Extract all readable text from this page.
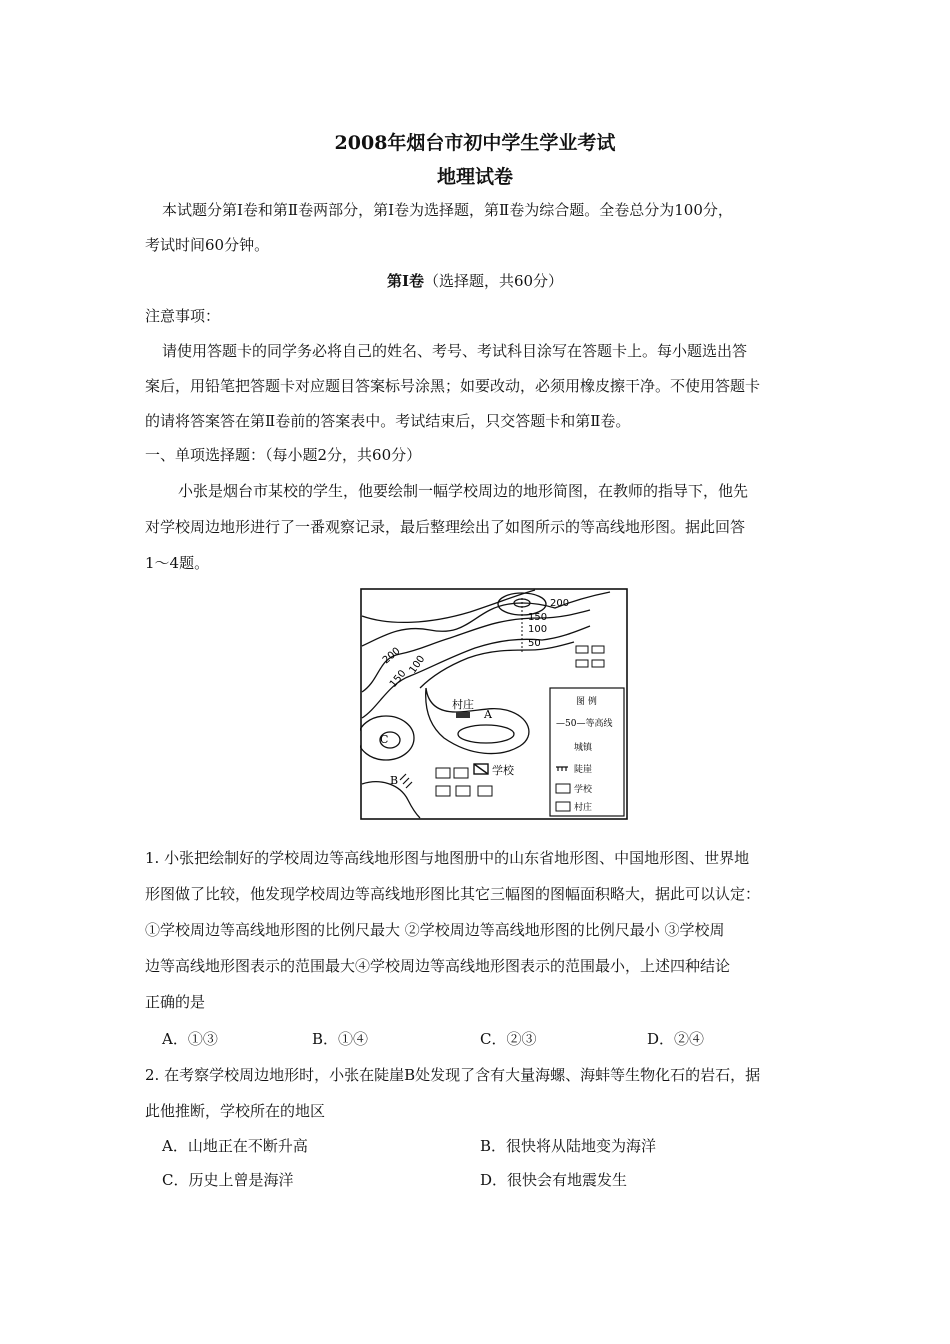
2008年烟台市初中学生学业考试
地理试卷
本试题分第Ⅰ卷和第Ⅱ卷两部分，第Ⅰ卷为选择题，第Ⅱ卷为综合题。全卷总分为100分，
考试时间60分钟。
第Ⅰ卷（选择题，共60分）
注意事项：
请使用答题卡的同学务必将自己的姓名、考号、考试科目涂写在答题卡上。每小题选出答
案后，用铅笔把答题卡对应题目答案标号涂黑；如要改动，必须用橡皮擦干净。不使用答题卡
的请将答案答在第Ⅱ卷前的答案表中。考试结束后，只交答题卡和第Ⅱ卷。
一、单项选择题：（每小题2分，共60分）
小张是烟台市某校的学生，他要绘制一幅学校周边的地形简图，在教师的指导下，他先
对学校周边地形进行了一番观察记录，最后整理绘出了如图所示的等高线地形图。据此回答
1～4题。
200
150
100
50
200
150
100
村庄
A
B
C
学校
图 例
—50—等高线
陡崖
学校
村庄
城镇
1. 小张把绘制好的学校周边等高线地形图与地图册中的山东省地形图、中国地形图、世界地
形图做了比较，他发现学校周边等高线地形图比其它三幅图的图幅面积略大，据此可以认定：
①学校周边等高线地形图的比例尺最大 ②学校周边等高线地形图的比例尺最小 ③学校周
边等高线地形图表示的范围最大④学校周边等高线地形图表示的范围最小，上述四种结论
正确的是
A．①③	B．①④	C．②③	D．②④
2. 在考察学校周边地形时，小张在陡崖B处发现了含有大量海螺、海蚌等生物化石的岩石，据
此他推断，学校所在的地区
A．山地正在不断升高	B．很快将从陆地变为海洋
C．历史上曾是海洋	D．很快会有地震发生
